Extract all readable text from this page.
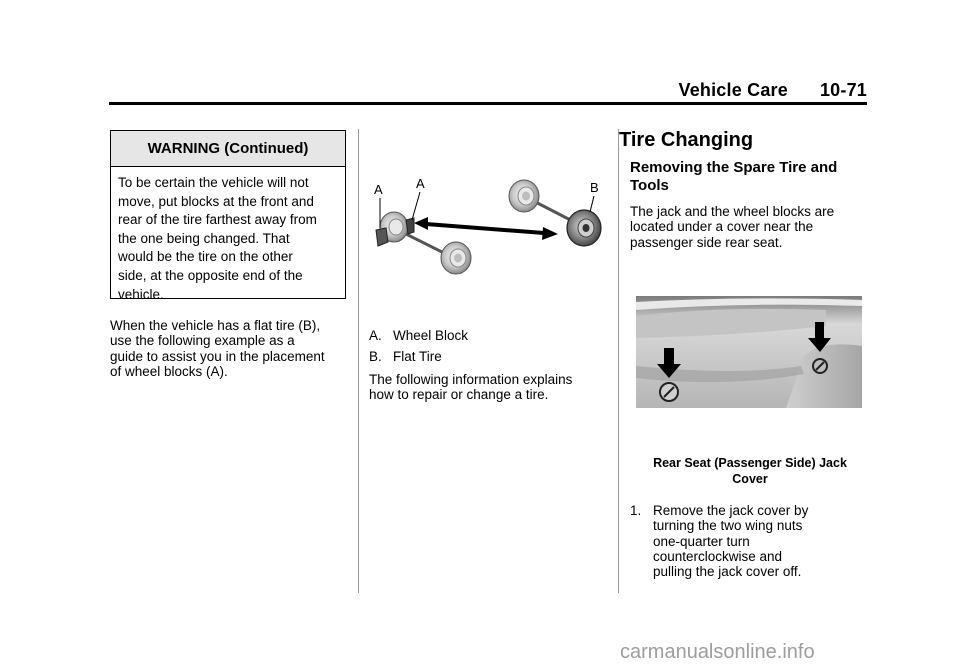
Vehicle Care 10-71
WARNING (Continued)
To be certain the vehicle will not
move, put blocks at the front and
rear of the tire farthest away from
the one being changed. That
would be the tire on the other
side, at the opposite end of the
vehicle.
When the vehicle has a flat tire (B),
use the following example as a
guide to assist you in the placement
of wheel blocks (A).
A	A	B
A. Wheel Block
B. Flat Tire
The following information explains
how to repair or change a tire.
Tire Changing
Removing the Spare Tire and
Tools
The jack and the wheel blocks are
located under a cover near the
passenger side rear seat.
Rear Seat (Passenger Side) Jack
Cover
1. Remove the jack cover by
turning the two wing nuts
one-quarter turn
counterclockwise and
pulling the jack cover off.
carmanualsonline.info
